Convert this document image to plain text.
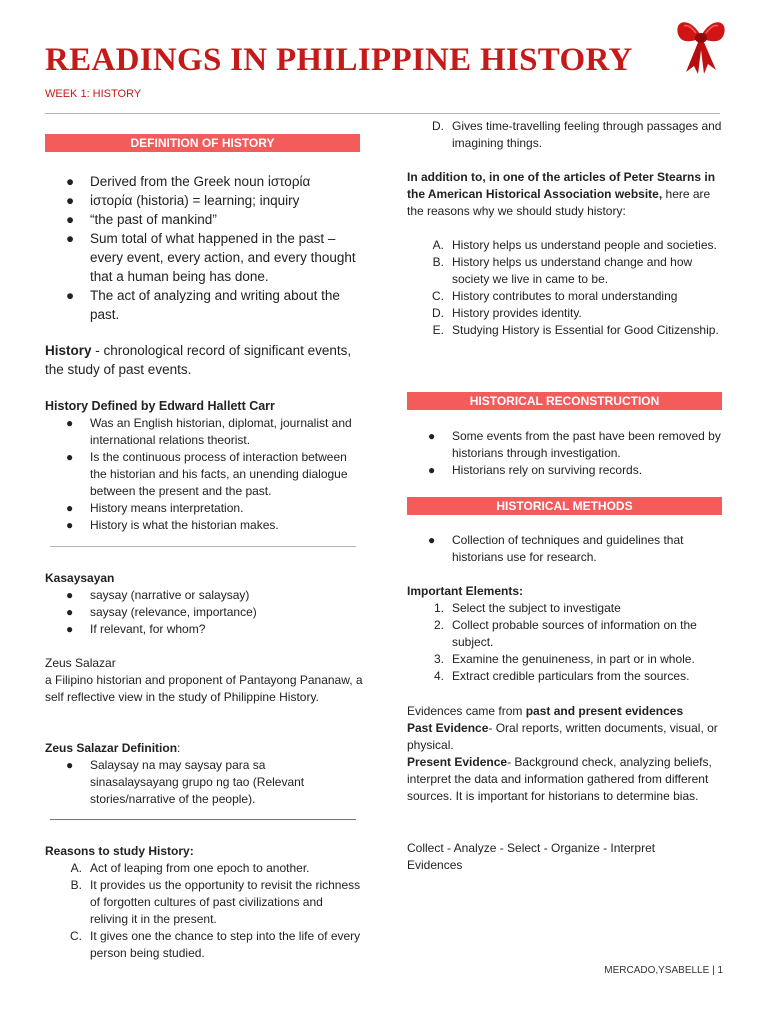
READINGS IN PHILIPPINE HISTORY
WEEK 1: HISTORY
DEFINITION OF HISTORY
● Derived from the Greek noun ἱστορία
● ἱστορία (historia) = learning; inquiry
● “the past of mankind”
● Sum total of what happened in the past – every event, every action, and every thought that a human being has done.
● The act of analyzing and writing about the past.

History - chronological record of significant events, the study of past events.

History Defined by Edward Hallett Carr

● Was an English historian, diplomat, journalist and international relations theorist.
● Is the continuous process of interaction between the historian and his facts, an unending dialogue between the present and the past.
● History means interpretation.
● History is what the historian makes.

Kasaysayan

● saysay (narrative or salaysay)
● saysay (relevance, importance)
● If relevant, for whom?

Zeus Salazar

a Filipino historian and proponent of Pantayong Pananaw, a self reflective view in the study of Philippine History.

Zeus Salazar Definition:

● Salaysay na may saysay para sa sinasalaysayang grupo ng tao (Relevant stories/narrative of the people).

Reasons to study History:

A. Act of leaping from one epoch to another.
B. It provides us the opportunity to revisit the richness of forgotten cultures of past civilizations and reliving it in the present.
C. It gives one the chance to step into the life of every person being studied.
D. Gives time-travelling feeling through passages and imagining things.

In addition to, in one of the articles of Peter Stearns in the American Historical Association website, here are the reasons why we should study history:

A. History helps us understand people and societies.
B. History helps us understand change and how society we live in came to be.
C. History contributes to moral understanding
D. History provides identity.
E. Studying History is Essential for Good Citizenship.
HISTORICAL RECONSTRUCTION
● Some events from the past have been removed by historians through investigation.
● Historians rely on surviving records.
HISTORICAL METHODS
● Collection of techniques and guidelines that historians use for research.

Important Elements:

1. Select the subject to investigate
2. Collect probable sources of information on the subject.
3. Examine the genuineness, in part or in whole.
4. Extract credible particulars from the sources.

Evidences came from past and present evidences

Past Evidence- Oral reports, written documents, visual, or physical.

Present Evidence- Background check, analyzing beliefs, interpret the data and information gathered from different sources. It is important for historians to determine bias.

Collect - Analyze - Select - Organize - Interpret Evidences

MERCADO,YSABELLE | 1
